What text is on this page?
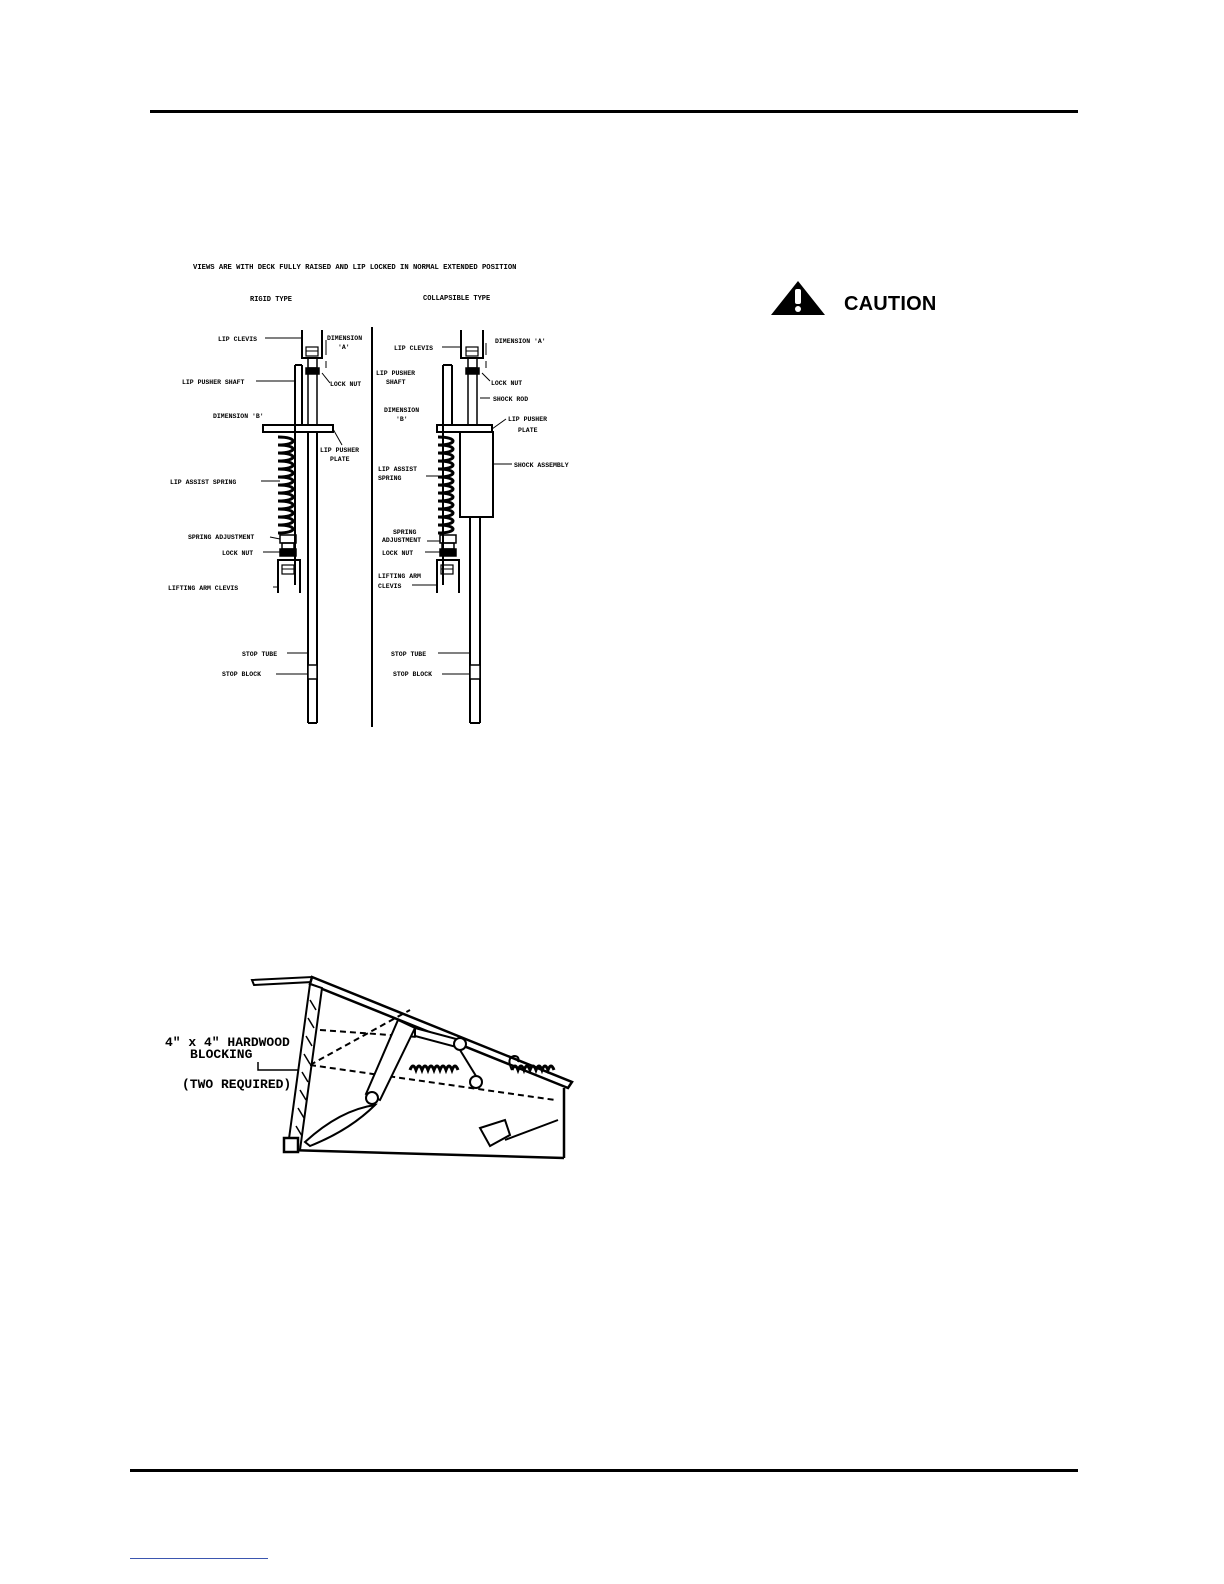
VIEWS ARE WITH DECK FULLY RAISED AND LIP LOCKED IN NORMAL EXTENDED POSITION
RIGID TYPE	COLLAPSIBLE TYPE
LIP CLEVIS	DIMENSION
'A'
LIP PUSHER SHAFT	LOCK NUT
DIMENSION 'B'
LIP PUSHER
PLATE
LIP ASSIST SPRING
SPRING ADJUSTMENT
LOCK NUT
LIFTING ARM CLEVIS
STOP TUBE
STOP BLOCK
LIP CLEVIS
DIMENSION 'A'
LIP PUSHER
SHAFT	LOCK NUT
SHOCK ROD
DIMENSION
'B'	LIP PUSHER
PLATE
LIP ASSIST
SPRING
SHOCK ASSEMBLY
SPRING
ADJUSTMENT
LOCK NUT
LIFTING ARM
CLEVIS
STOP TUBE
STOP BLOCK
4" x 4" HARDWOOD
BLOCKING
(TWO REQUIRED)
CAUTION
